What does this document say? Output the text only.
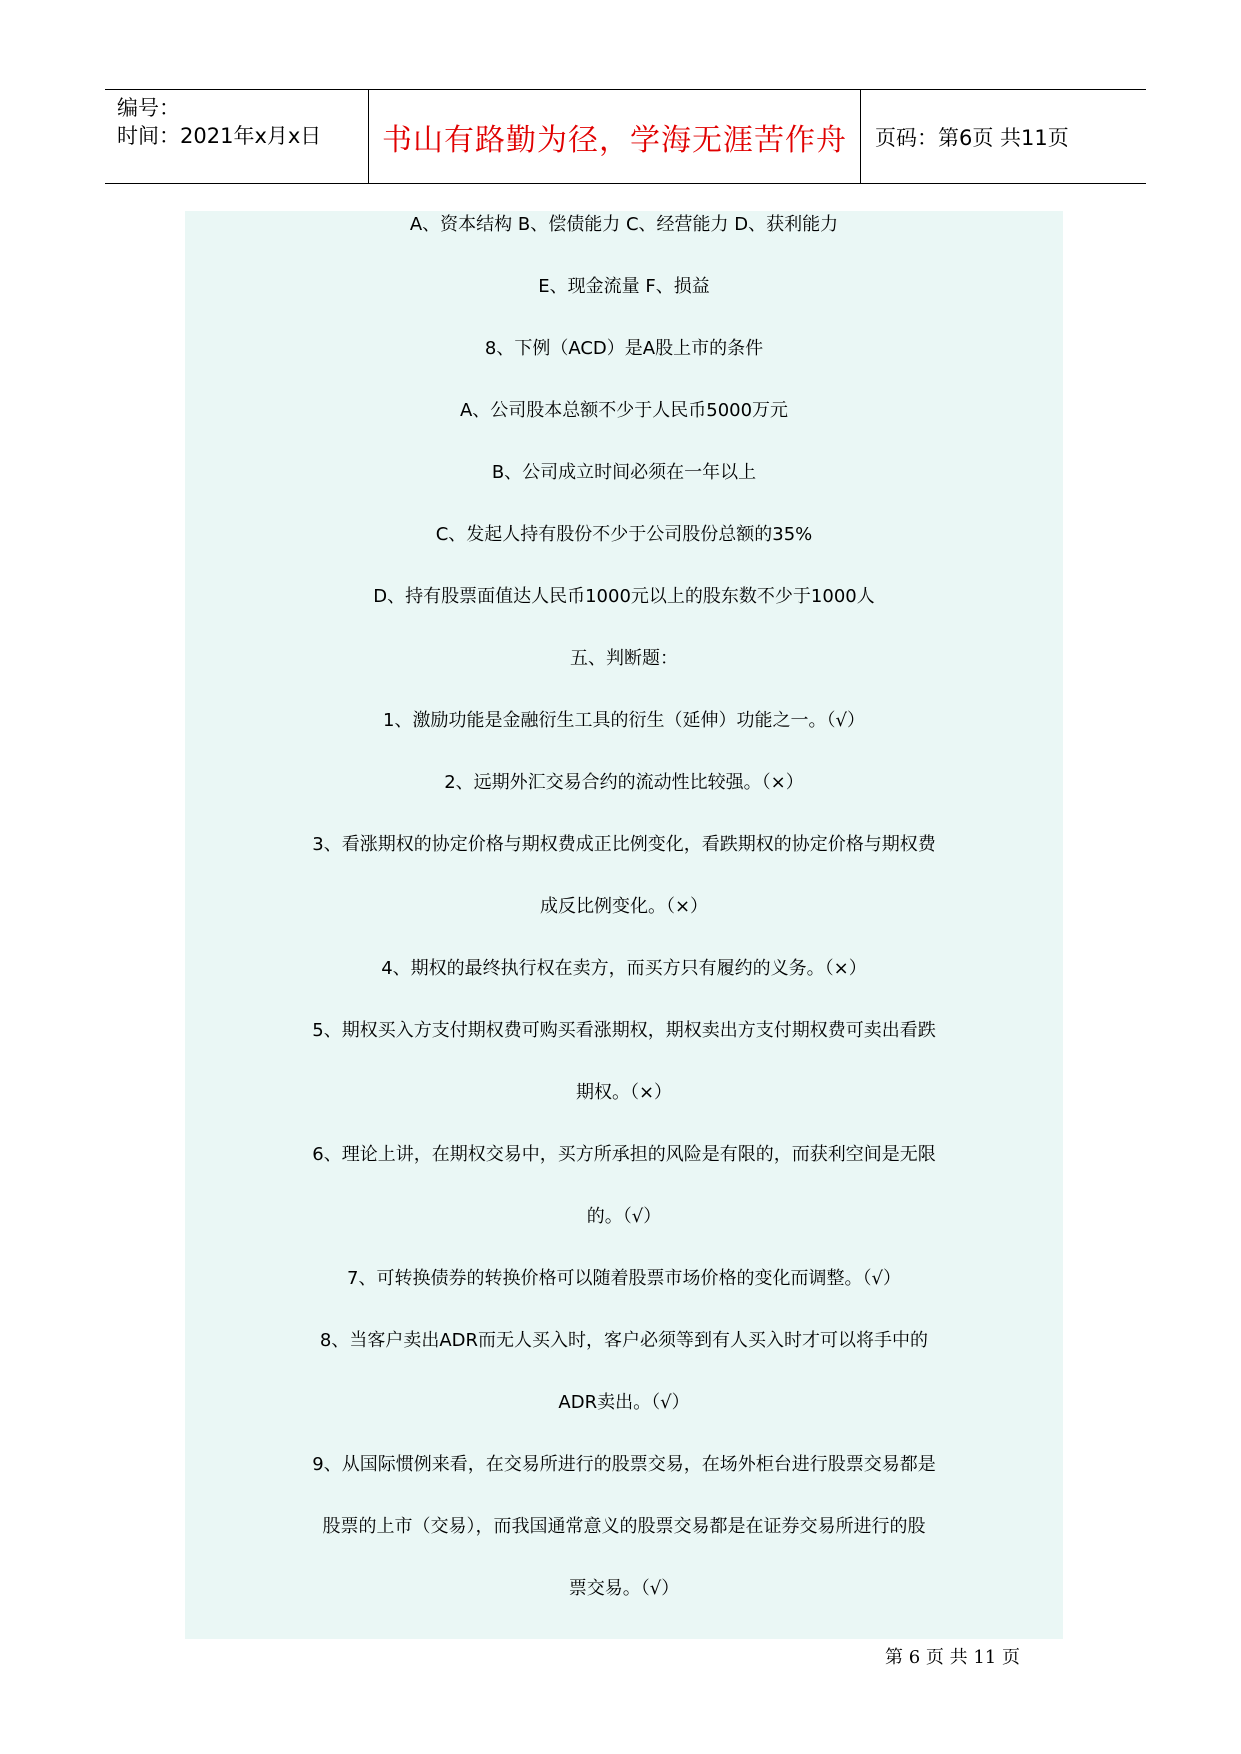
编号：
时间：2021年x月x日	书山有路勤为径，学海无涯苦作舟 页码：第6页 共11页
A、资本结构 B、偿债能力 C、经营能力 D、获利能力
E、现金流量 F、损益
8、下例（ACD）是A股上市的条件
A、公司股本总额不少于人民币5000万元
B、公司成立时间必须在一年以上
C、发起人持有股份不少于公司股份总额的35%
D、持有股票面值达人民币1000元以上的股东数不少于1000人
五、判断题：
1、激励功能是金融衍生工具的衍生（延伸）功能之一。（√）
2、远期外汇交易合约的流动性比较强。（×）
3、看涨期权的协定价格与期权费成正比例变化，看跌期权的协定价格与期权费
成反比例变化。（×）
4、期权的最终执行权在卖方，而买方只有履约的义务。（×）
5、期权买入方支付期权费可购买看涨期权，期权卖出方支付期权费可卖出看跌
期权。（×）
6、理论上讲，在期权交易中，买方所承担的风险是有限的，而获利空间是无限
的。（√）
7、可转换债券的转换价格可以随着股票市场价格的变化而调整。（√）
8、当客户卖出ADR而无人买入时，客户必须等到有人买入时才可以将手中的
ADR卖出。（√）
9、从国际惯例来看，在交易所进行的股票交易，在场外柜台进行股票交易都是
股票的上市（交易），而我国通常意义的股票交易都是在证券交易所进行的股
票交易。（√）
第 6 页 共 11 页
